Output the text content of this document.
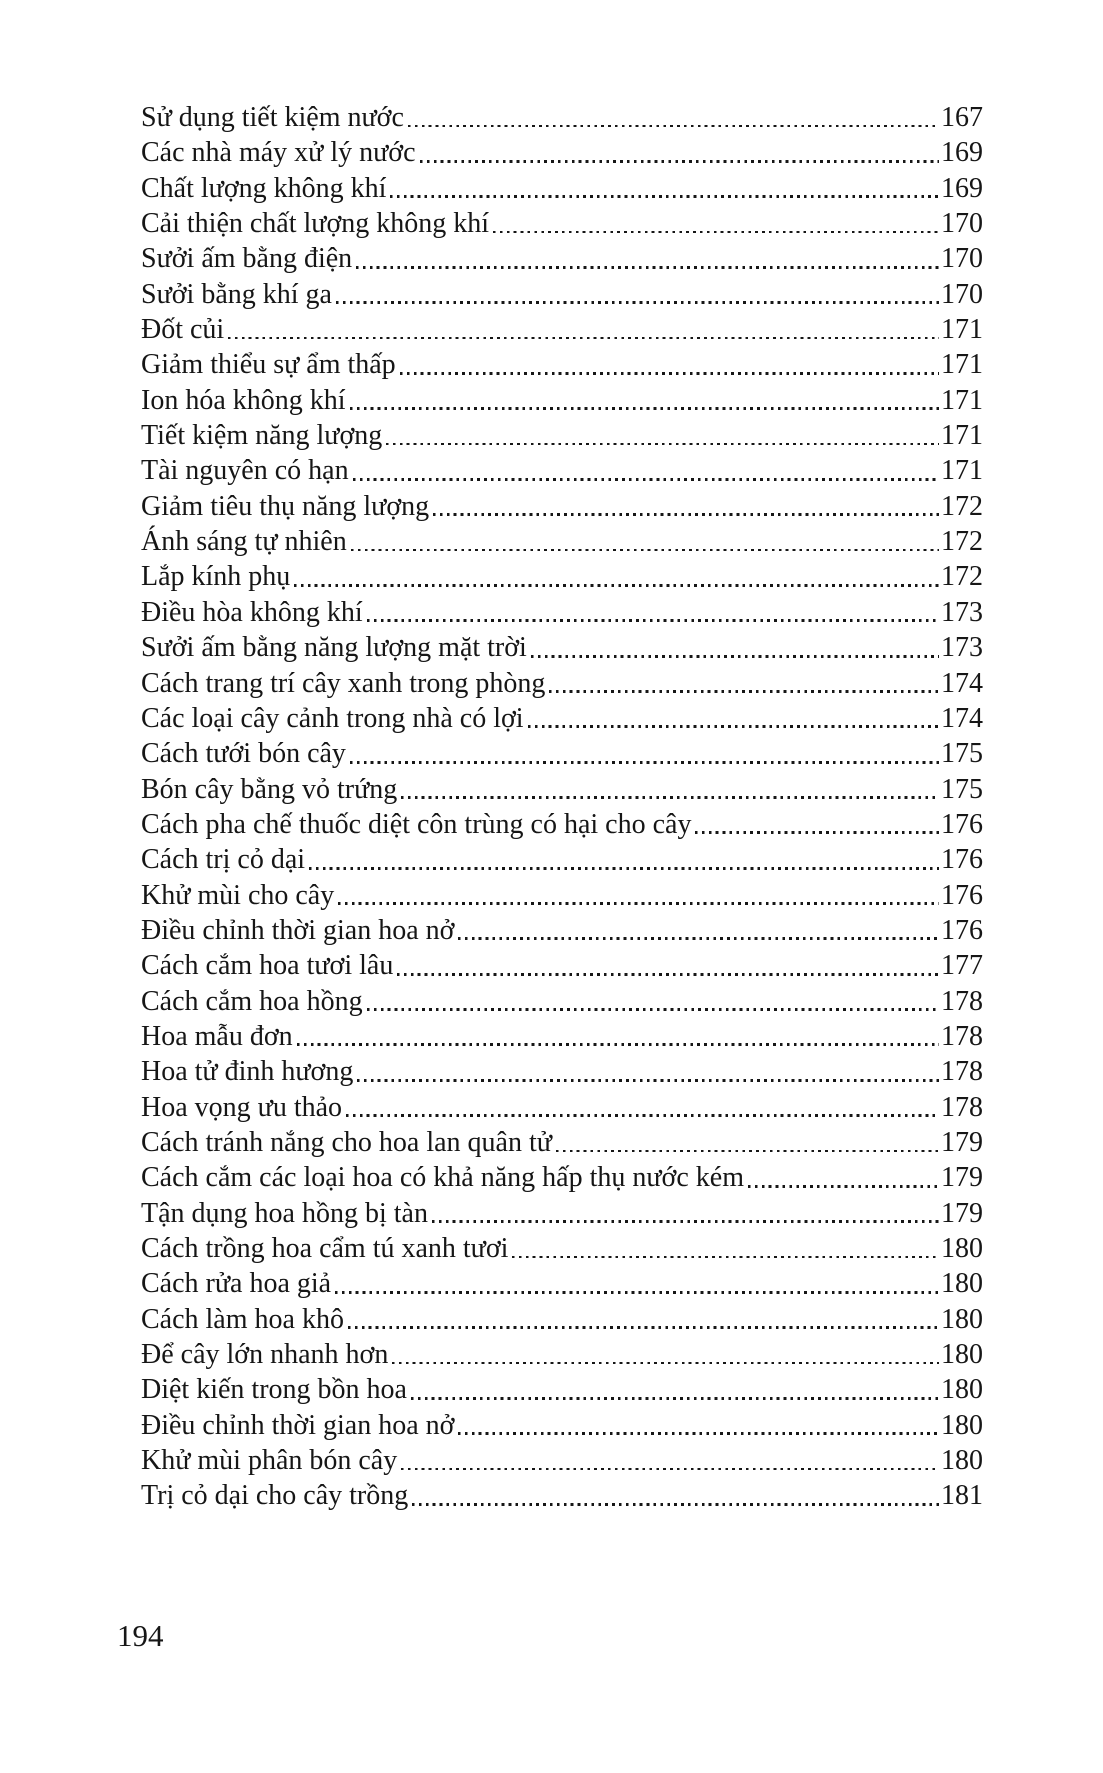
Sử dụng tiết kiệm nước	167
Các nhà máy xử lý nước	169
Chất lượng không khí	169
Cải thiện chất lượng không khí	170
Sưởi ấm bằng điện	170
Sưởi bằng khí ga	170
Đốt củi	171
Giảm thiểu sự ẩm thấp	171
Ion hóa không khí	171
Tiết kiệm năng lượng	171
Tài nguyên có hạn	171
Giảm tiêu thụ năng lượng	172
Ánh sáng tự nhiên	172
Lắp kính phụ	172
Điều hòa không khí	173
Sưởi ấm bằng năng lượng mặt trời	173
Cách trang trí cây xanh trong phòng	174
Các loại cây cảnh trong nhà có lợi	174
Cách tưới bón cây	175
Bón cây bằng vỏ trứng	175
Cách pha chế thuốc diệt côn trùng có hại cho cây	176
Cách trị cỏ dại	176
Khử mùi cho cây	176
Điều chỉnh thời gian hoa nở	176
Cách cắm hoa tươi lâu	177
Cách cắm hoa hồng	178
Hoa mẫu đơn	178
Hoa tử đinh hương	178
Hoa vọng ưu thảo	178
Cách tránh nắng cho hoa lan quân tử	179
Cách cắm các loại hoa có khả năng hấp thụ nước kém	179
Tận dụng hoa hồng bị tàn	179
Cách trồng hoa cẩm tú xanh tươi	180
Cách rửa hoa giả	180
Cách làm hoa khô	180
Để cây lớn nhanh hơn	180
Diệt kiến trong bồn hoa	180
Điều chỉnh thời gian hoa nở	180
Khử mùi phân bón cây	180
Trị cỏ dại cho cây trồng	181
194
